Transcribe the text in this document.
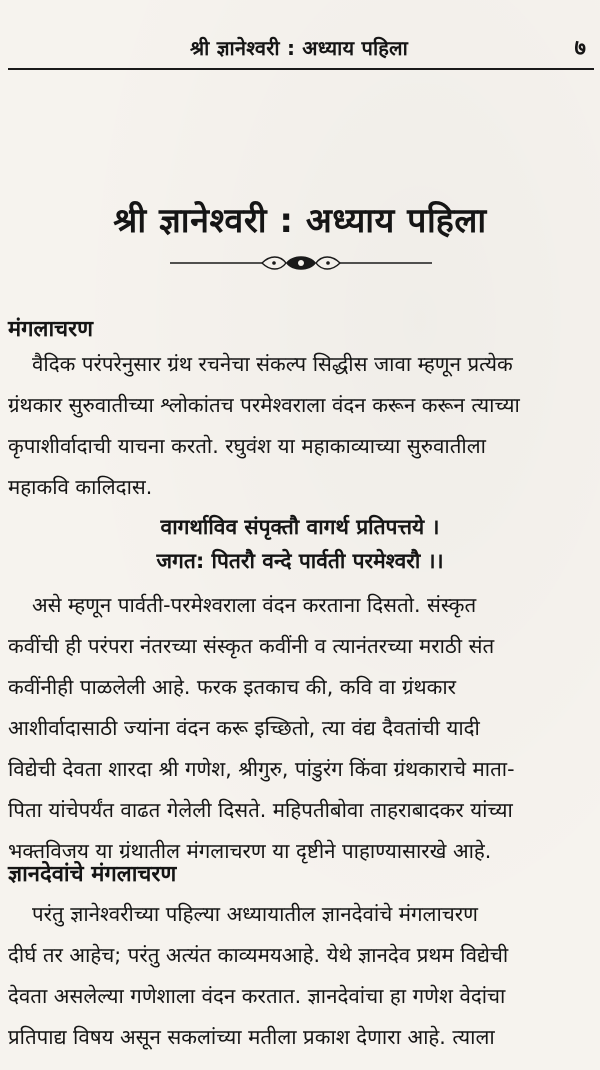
श्री ज्ञानेश्वरी : अध्याय पहिला	७
श्री ज्ञानेश्वरी : अध्याय पहिला
मंगलाचरण
वैदिक परंपरेनुसार ग्रंथ रचनेचा संकल्प सिद्धीस जावा म्हणून प्रत्येक
ग्रंथकार सुरुवातीच्या श्लोकांतच परमेश्वराला वंदन करून करून त्याच्या
कृपाशीर्वादाची याचना करतो. रघुवंश या महाकाव्याच्या सुरुवातीला
महाकवि कालिदास.
वागर्थाविव संपृक्तौ वागर्थ प्रतिपत्तये ।
जगत: पितरौ वन्दे पार्वती परमेश्वरौ ।।
असे म्हणून पार्वती-परमेश्वराला वंदन करताना दिसतो. संस्कृत
कवींची ही परंपरा नंतरच्या संस्कृत कवींनी व त्यानंतरच्या मराठी संत
कवींनीही पाळलेली आहे. फरक इतकाच की, कवि वा ग्रंथकार
आशीर्वादासाठी ज्यांना वंदन करू इच्छितो, त्या वंद्य दैवतांची यादी
विद्येची देवता शारदा श्री गणेश, श्रीगुरु, पांडुरंग किंवा ग्रंथकाराचे माता-
पिता यांचेपर्यंत वाढत गेलेली दिसते. महिपतीबोवा ताहराबादकर यांच्या
भक्तविजय या ग्रंथातील मंगलाचरण या दृष्टीने पाहाण्यासारखे आहे.
ज्ञानदेवांचे मंगलाचरण
परंतु ज्ञानेश्वरीच्या पहिल्या अध्यायातील ज्ञानदेवांचे मंगलाचरण
दीर्घ तर आहेच; परंतु अत्यंत काव्यमयआहे. येथे ज्ञानदेव प्रथम विद्येची
देवता असलेल्या गणेशाला वंदन करतात. ज्ञानदेवांचा हा गणेश वेदांचा
प्रतिपाद्य विषय असून सकलांच्या मतीला प्रकाश देणारा आहे. त्याला
